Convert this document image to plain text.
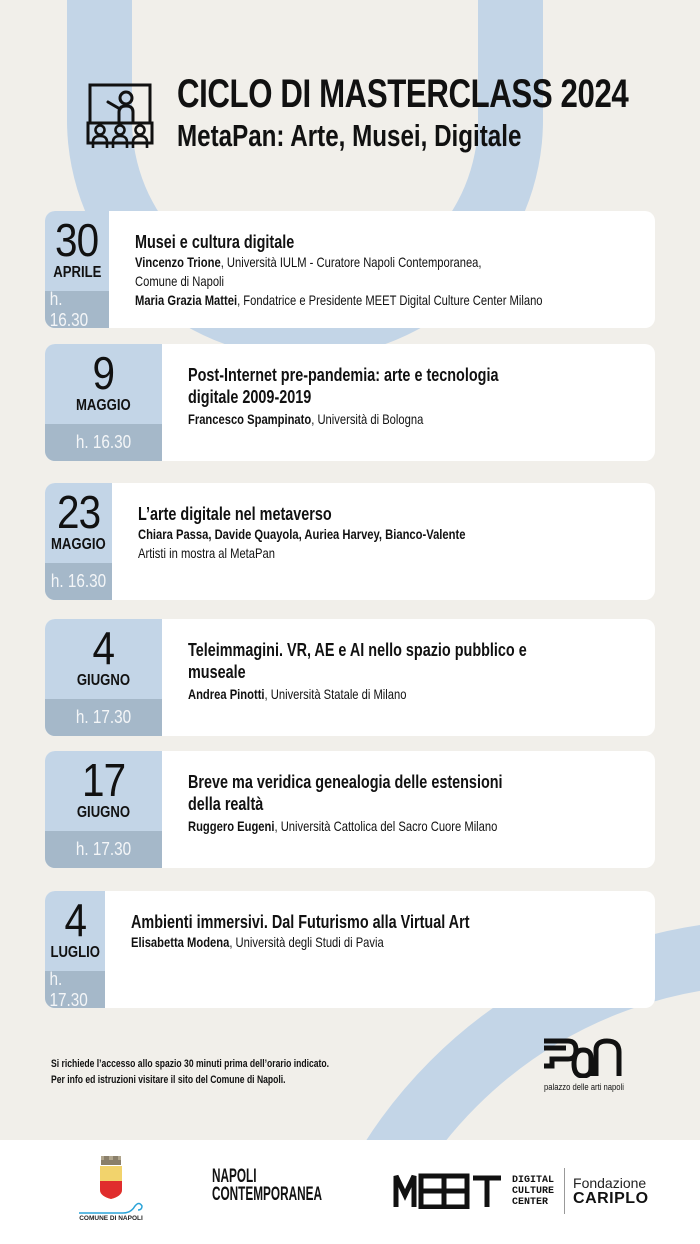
CICLO DI MASTERCLASS 2024
MetaPan: Arte, Musei, Digitale
30
APRILE
h. 16.30
Musei e cultura digitale
Vincenzo Trione, Università IULM - Curatore Napoli Contemporanea,
Comune di Napoli
Maria Grazia Mattei, Fondatrice e Presidente MEET Digital Culture Center Milano
9
MAGGIO
h. 16.30
Post-Internet pre-pandemia: arte e tecnologia digitale 2009-2019
Francesco Spampinato, Università di Bologna
23
MAGGIO
h. 16.30
L’arte digitale nel metaverso
Chiara Passa, Davide Quayola, Auriea Harvey, Bianco-Valente
Artisti in mostra al MetaPan
4
GIUGNO
h. 17.30
Teleimmagini. VR, AE e AI nello spazio pubblico e museale
Andrea Pinotti, Università Statale di Milano
17
GIUGNO
h. 17.30
Breve ma veridica genealogia delle estensioni della realtà
Ruggero Eugeni, Università Cattolica del Sacro Cuore Milano
4
LUGLIO
h. 17.30
Ambienti immersivi. Dal Futurismo alla Virtual Art
Elisabetta Modena, Università degli Studi di Pavia
Si richiede l’accesso allo spazio 30 minuti prima dell’orario indicato.
Per info ed istruzioni visitare il sito del Comune di Napoli.
palazzo delle arti napoli
COMUNE DI NAPOLI
NAPOLI
CONTEMPORANEA
DIGITAL
CULTURE
CENTER
Fondazione
CARIPLO
